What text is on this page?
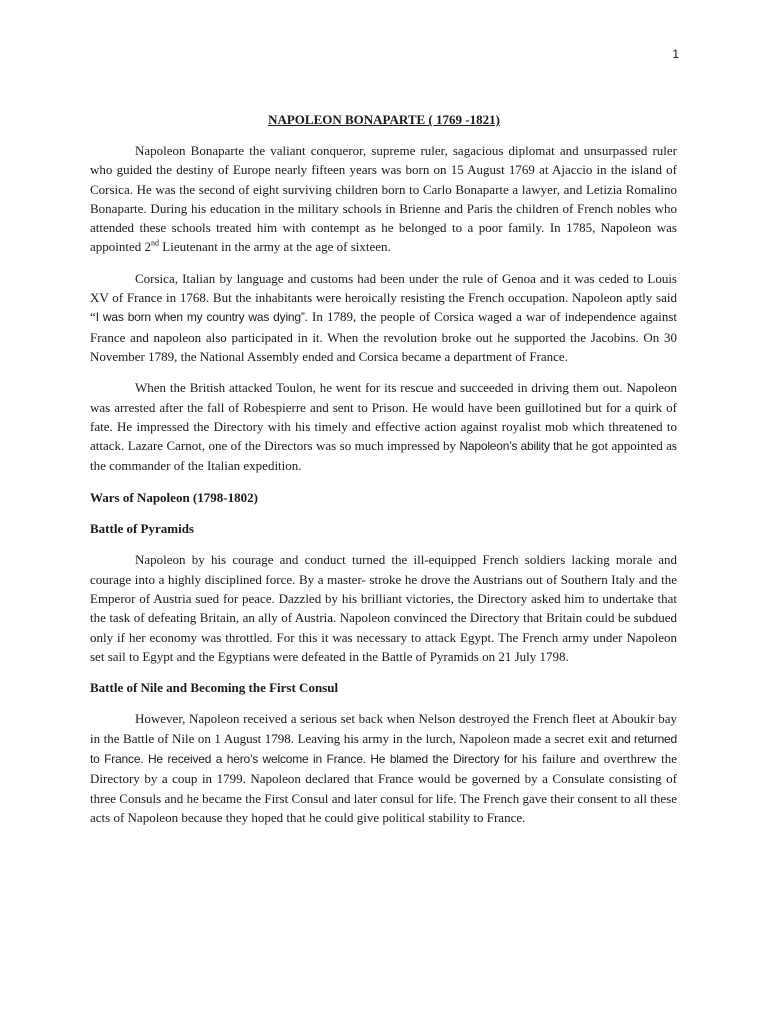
1
NAPOLEON BONAPARTE ( 1769 -1821)

Napoleon Bonaparte the valiant conqueror, supreme ruler, sagacious diplomat and unsurpassed ruler who guided the destiny of Europe nearly fifteen years was born on 15 August 1769 at Ajaccio in the island of Corsica. He was the second of eight surviving children born to Carlo Bonaparte a lawyer, and Letizia Romalino Bonaparte. During his education in the military schools in Brienne and Paris the children of French nobles who attended these schools treated him with contempt as he belonged to a poor family. In 1785, Napoleon was appointed 2nd Lieutenant in the army at the age of sixteen.

Corsica, Italian by language and customs had been under the rule of Genoa and it was ceded to Louis XV of France in 1768. But the inhabitants were heroically resisting the French occupation. Napoleon aptly said “I was born when my country was dying”. In 1789, the people of Corsica waged a war of independence against France and napoleon also participated in it. When the revolution broke out he supported the Jacobins. On 30 November 1789, the National Assembly ended and Corsica became a department of France.

When the British attacked Toulon, he went for its rescue and succeeded in driving them out. Napoleon was arrested after the fall of Robespierre and sent to Prison. He would have been guillotined but for a quirk of fate. He impressed the Directory with his timely and effective action against royalist mob which threatened to attack. Lazare Carnot, one of the Directors was so much impressed by Napoleon’s ability that he got appointed as the commander of the Italian expedition.

Wars of Napoleon (1798-1802)

Battle of Pyramids

Napoleon by his courage and conduct turned the ill-equipped French soldiers lacking morale and courage into a highly disciplined force. By a master- stroke he drove the Austrians out of Southern Italy and the Emperor of Austria sued for peace. Dazzled by his brilliant victories, the Directory asked him to undertake that the task of defeating Britain, an ally of Austria. Napoleon convinced the Directory that Britain could be subdued only if her economy was throttled. For this it was necessary to attack Egypt. The French army under Napoleon set sail to Egypt and the Egyptians were defeated in the Battle of Pyramids on 21 July 1798.

Battle of Nile and Becoming the First Consul

However, Napoleon received a serious set back when Nelson destroyed the French fleet at Aboukir bay in the Battle of Nile on 1 August 1798. Leaving his army in the lurch, Napoleon made a secret exit and returned to France. He received a hero’s welcome in France. He blamed the Directory for his failure and overthrew the Directory by a coup in 1799. Napoleon declared that France would be governed by a Consulate consisting of three Consuls and he became the First Consul and later consul for life. The French gave their consent to all these acts of Napoleon because they hoped that he could give political stability to France.
